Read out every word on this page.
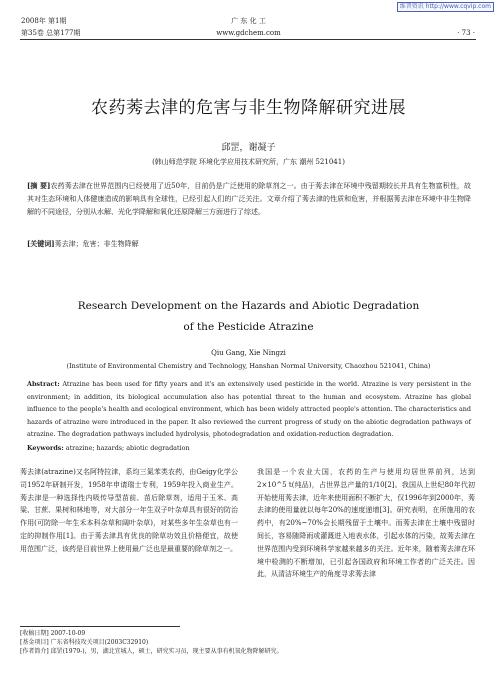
维普资讯 http://www.cqvip.com
2008年 第1期
第35卷 总第177期
广 东 化 工
www.gdchem.com	· 73 ·
农药莠去津的危害与非生物降解研究进展
邱罡，谢凝子
(韩山师范学院 环境化学应用技术研究所，广东 潮州 521041)
[摘 要]农药莠去津在世界范围内已经使用了近50年，目前仍是广泛使用的除草剂之一。由于莠去津在环境中残留期较长并具有生物富积性，故其对生态环境和人体健康造成的影响具有全球性，已经引起人们的广泛关注。文章介绍了莠去津的性质和危害，并根据莠去津在环境中非生物降解的不同途径，分别从水解、光化学降解和氧化还原降解三方面进行了综述。
[关键词]莠去津；危害；非生物降解
Research Development on the Hazards and Abiotic Degradation
of the Pesticide Atrazine
Qiu Gang, Xie Ningzi
(Institute of Environmental Chemistry and Technology, Hanshan Normal University, Chaozhou 521041, China)
Abstract: Atrazine has been used for fifty years and it's an extensively used pesticide in the world. Atrazine is very persistent in the environment; in addition, its biological accumulation also has potential threat to the human and ecosystem. Atrazine has global influence to the people's health and ecological environment, which has been widely attracted people's attention. The characteristics and hazards of atrazine were introduced in the paper. It also reviewed the current progress of study on the abiotic degradation pathways of atrazine. The degradation pathways included hydrolysis, photodegradation and oxidation-reduction degradation.
Keywords: atrazine; hazards; abiotic degradation
莠去津(atrazine)又名阿特拉津，系均三氮苯类农药，由Geigy化学公司1952年研制开发，1958年申请瑞士专利，1959年投入商业生产。莠去津是一种选择性内吸传导型苗前、苗后除草剂，适用于玉米、高粱、甘蔗、果树和林地等，对大部分一年生双子叶杂草具有很好的防治作用(可防除一年生禾本科杂草和阔叶杂草)，对某些多年生杂草也有一定的抑制作用[1]。由于莠去津具有优良的除草功效且价格便宜，故使用范围广泛，该药是目前世界上使用最广泛也是最重要的除草剂之一。
我国是一个农业大国，农药的生产与使用均居世界前列，达到2×10^5 t(纯品)，占世界总产量的1/10[2]。我国从上世纪80年代初开始使用莠去津，近年来使用面积不断扩大，仅1996年到2000年，莠去津的使用量就以每年20%的速度递增[3]。研究表明，在所施用的农药中，有20%~70%会长期残留于土壤中。而莠去津在土壤中残留时间长，容易随降雨或灌溉进入地表水体，引起水体的污染，故莠去津在世界范围内受到环境科学家越来越多的关注。近年来，随着莠去津在环境中检测的不断增加，已引起各国政府和环境工作者的广泛关注。因此，从清洁环境生产的角度寻求莠去津
[收稿日期] 2007-10-09
[基金项目] 广东省科技攻关项目(2003C32910)
[作者简介] 邱罡(1979-)，男，湖北宜城人，硕士，研究实习员，现主要从事有机氧化物降解研究。
